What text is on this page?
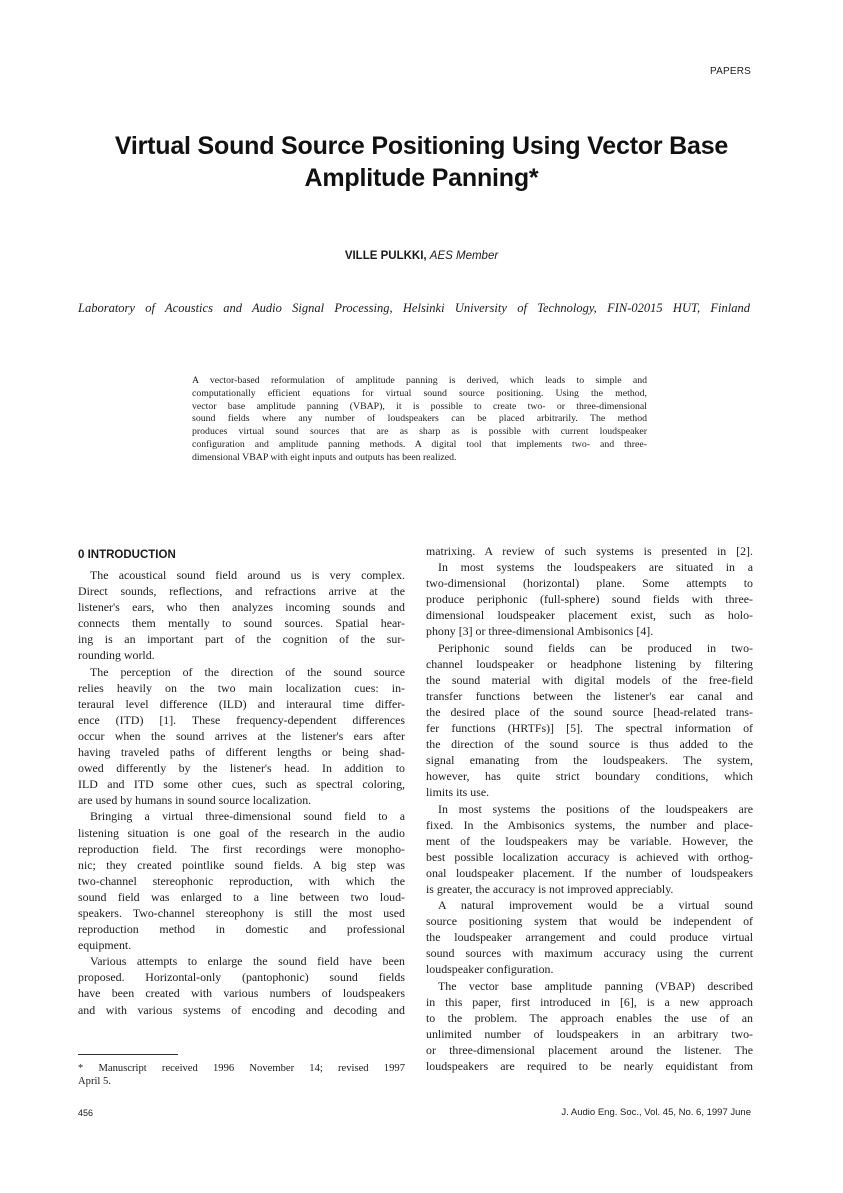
PAPERS
Virtual Sound Source Positioning Using Vector Base
Amplitude Panning*
VILLE PULKKI, AES Member
Laboratory of Acoustics and Audio Signal Processing, Helsinki University of Technology, FIN-02015 HUT, Finland
A vector-based reformulation of amplitude panning is derived, which leads to simple and
computationally efficient equations for virtual sound source positioning. Using the method,
vector base amplitude panning (VBAP), it is possible to create two- or three-dimensional
sound fields where any number of loudspeakers can be placed arbitrarily. The method
produces virtual sound sources that are as sharp as is possible with current loudspeaker
configuration and amplitude panning methods. A digital tool that implements two- and three-
dimensional VBAP with eight inputs and outputs has been realized.
0 INTRODUCTION
The acoustical sound field around us is very complex.
Direct sounds, reflections, and refractions arrive at the
listener's ears, who then analyzes incoming sounds and
connects them mentally to sound sources. Spatial hear-
ing is an important part of the cognition of the sur-
rounding world.
The perception of the direction of the sound source
relies heavily on the two main localization cues: in-
teraural level difference (ILD) and interaural time differ-
ence (ITD) [1]. These frequency-dependent differences
occur when the sound arrives at the listener's ears after
having traveled paths of different lengths or being shad-
owed differently by the listener's head. In addition to
ILD and ITD some other cues, such as spectral coloring,
are used by humans in sound source localization.
Bringing a virtual three-dimensional sound field to a
listening situation is one goal of the research in the audio
reproduction field. The first recordings were monopho-
nic; they created pointlike sound fields. A big step was
two-channel stereophonic reproduction, with which the
sound field was enlarged to a line between two loud-
speakers. Two-channel stereophony is still the most used
reproduction method in domestic and professional
equipment.
Various attempts to enlarge the sound field have been
proposed. Horizontal-only (pantophonic) sound fields
have been created with various numbers of loudspeakers
and with various systems of encoding and decoding and
matrixing. A review of such systems is presented in [2].
In most systems the loudspeakers are situated in a
two-dimensional (horizontal) plane. Some attempts to
produce periphonic (full-sphere) sound fields with three-
dimensional loudspeaker placement exist, such as holo-
phony [3] or three-dimensional Ambisonics [4].
Periphonic sound fields can be produced in two-
channel loudspeaker or headphone listening by filtering
the sound material with digital models of the free-field
transfer functions between the listener's ear canal and
the desired place of the sound source [head-related trans-
fer functions (HRTFs)] [5]. The spectral information of
the direction of the sound source is thus added to the
signal emanating from the loudspeakers. The system,
however, has quite strict boundary conditions, which
limits its use.
In most systems the positions of the loudspeakers are
fixed. In the Ambisonics systems, the number and place-
ment of the loudspeakers may be variable. However, the
best possible localization accuracy is achieved with orthog-
onal loudspeaker placement. If the number of loudspeakers
is greater, the accuracy is not improved appreciably.
A natural improvement would be a virtual sound
source positioning system that would be independent of
the loudspeaker arrangement and could produce virtual
sound sources with maximum accuracy using the current
loudspeaker configuration.
The vector base amplitude panning (VBAP) described
in this paper, first introduced in [6], is a new approach
to the problem. The approach enables the use of an
unlimited number of loudspeakers in an arbitrary two-
or three-dimensional placement around the listener. The
loudspeakers are required to be nearly equidistant from
* Manuscript received 1996 November 14; revised 1997
April 5.
456	J. Audio Eng. Soc., Vol. 45, No. 6, 1997 June
